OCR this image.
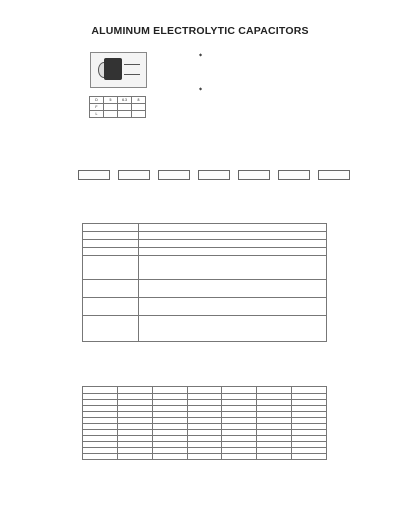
ALUMINUM ELECTROLYTIC CAPACITORS
D	5	6.3	8
F			
L			
